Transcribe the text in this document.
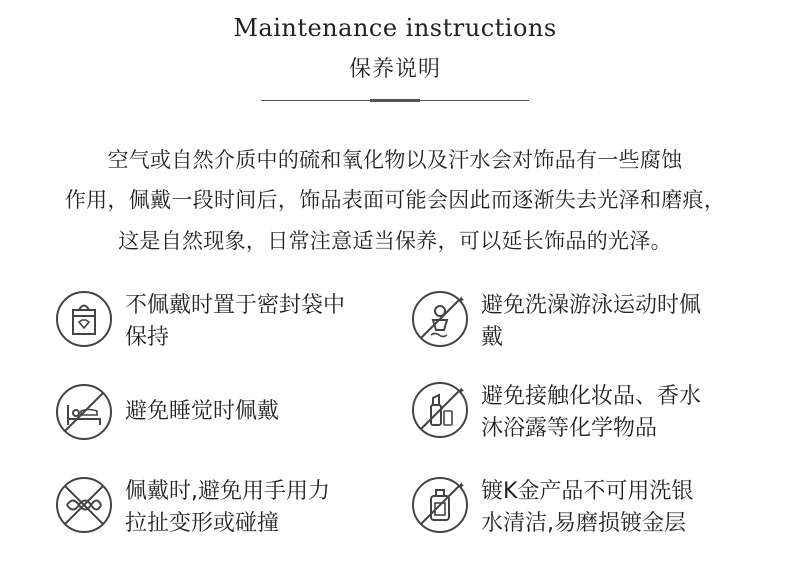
Maintenance instructions
保养说明
空气或自然介质中的硫和氧化物以及汗水会对饰品有一些腐蚀
作用，佩戴一段时间后，饰品表面可能会因此而逐渐失去光泽和磨痕，
这是自然现象，日常注意适当保养，可以延长饰品的光泽。
不佩戴时置于密封袋中
保持
✦ 避免洗澡游泳运动时佩
戴
避免睡觉时佩戴
✦ 避免接触化妆品、香水
沐浴露等化学物品
佩戴时,避免用手用力
拉扯变形或碰撞
✦ 镀K金产品不可用洗银
水清洁,易磨损镀金层
